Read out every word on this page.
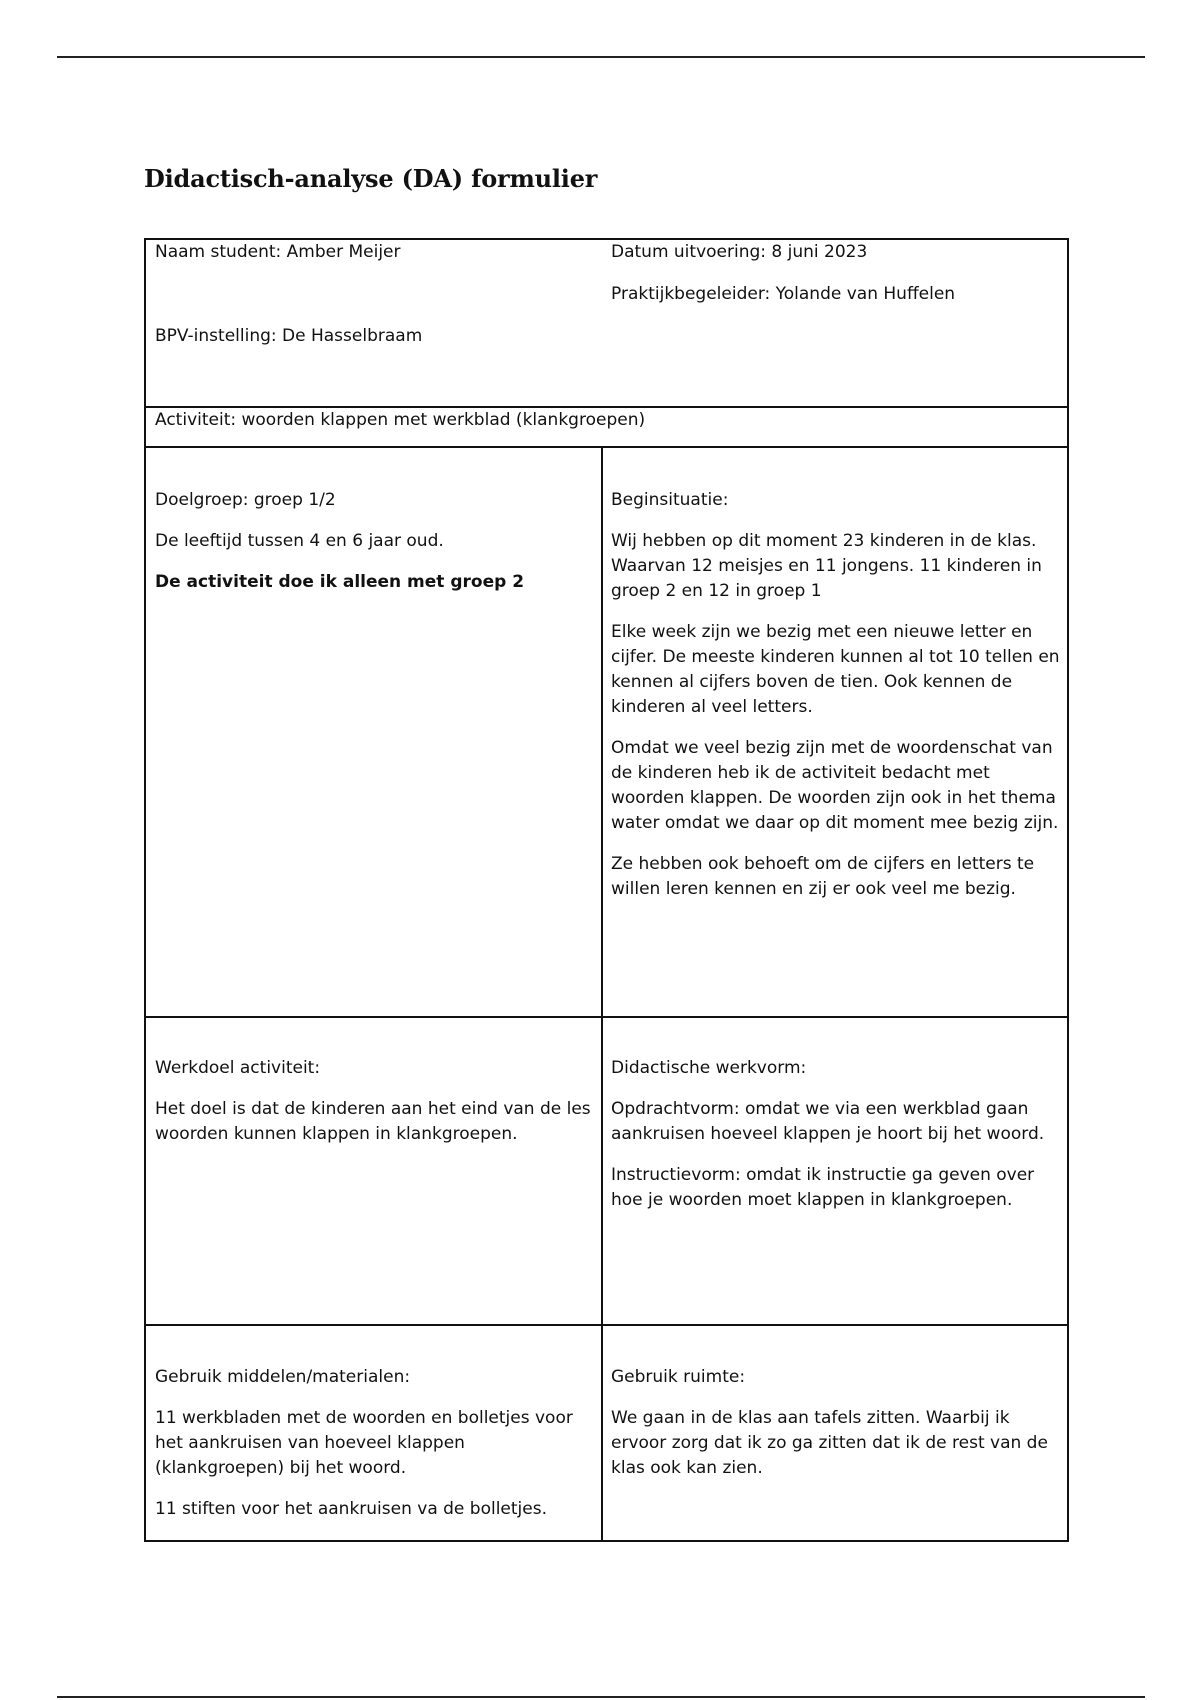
Didactisch-analyse (DA) formulier

Naam student: Amber Meijer

BPV-instelling: De Hasselbraam

Datum uitvoering: 8 juni 2023

Praktijkbegeleider: Yolande van Huffelen

Activiteit: woorden klappen met werkblad (klankgroepen)

Doelgroep: groep 1/2

De leeftijd tussen 4 en 6 jaar oud.

De activiteit doe ik alleen met groep 2

Beginsituatie:

Wij hebben op dit moment 23 kinderen in de klas. Waarvan 12 meisjes en 11 jongens. 11 kinderen in groep 2 en 12 in groep 1

Elke week zijn we bezig met een nieuwe letter en cijfer. De meeste kinderen kunnen al tot 10 tellen en kennen al cijfers boven de tien. Ook kennen de kinderen al veel letters.

Omdat we veel bezig zijn met de woordenschat van de kinderen heb ik de activiteit bedacht met woorden klappen. De woorden zijn ook in het thema water omdat we daar op dit moment mee bezig zijn.

Ze hebben ook behoeft om de cijfers en letters te willen leren kennen en zij er ook veel me bezig.

Werkdoel activiteit:

Het doel is dat de kinderen aan het eind van de les woorden kunnen klappen in klankgroepen.

Didactische werkvorm:

Opdrachtvorm: omdat we via een werkblad gaan aankruisen hoeveel klappen je hoort bij het woord.

Instructievorm: omdat ik instructie ga geven over hoe je woorden moet klappen in klankgroepen.

Gebruik middelen/materialen:

11 werkbladen met de woorden en bolletjes voor het aankruisen van hoeveel klappen (klankgroepen) bij het woord.

11 stiften voor het aankruisen va de bolletjes.

Gebruik ruimte:

We gaan in de klas aan tafels zitten. Waarbij ik ervoor zorg dat ik zo ga zitten dat ik de rest van de klas ook kan zien.
